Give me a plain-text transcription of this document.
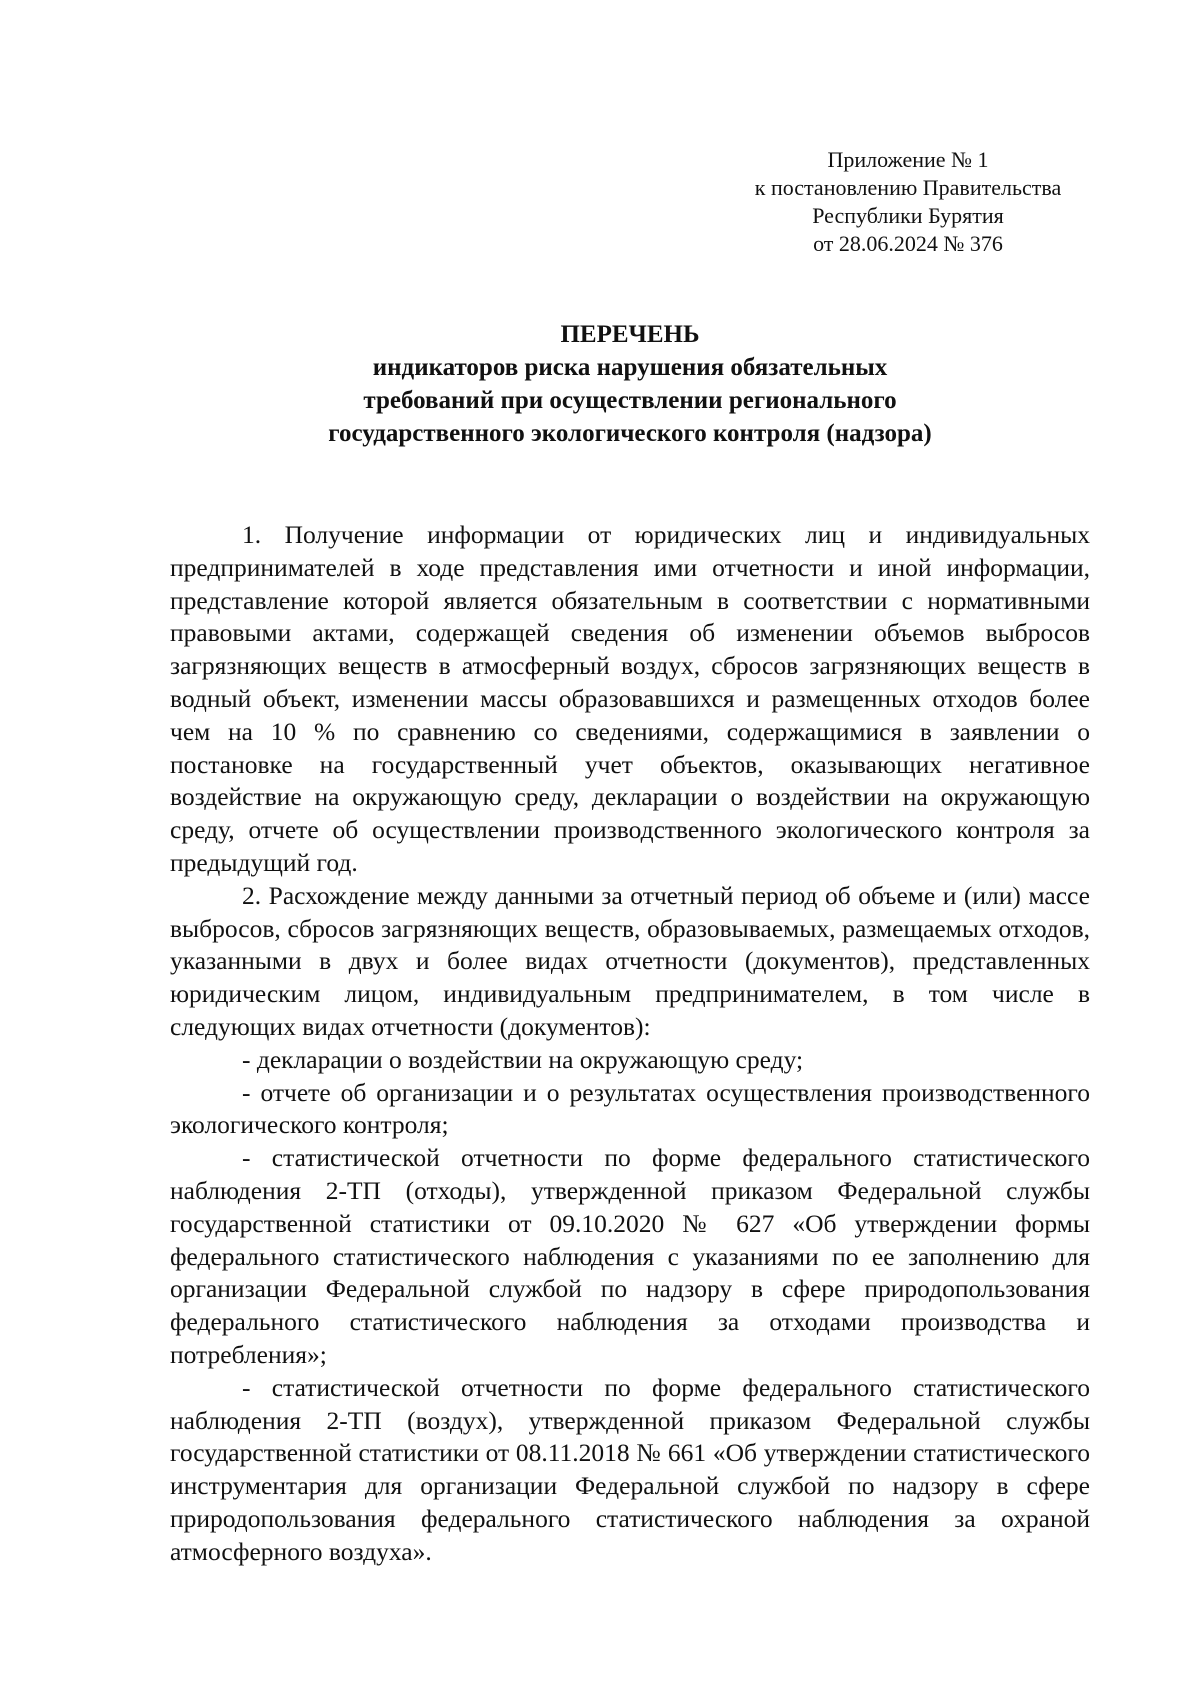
Приложение № 1
к постановлению Правительства
Республики Бурятия
от 28.06.2024 № 376
ПЕРЕЧЕНЬ
индикаторов риска нарушения обязательных
требований при осуществлении регионального
государственного экологического контроля (надзора)

1. Получение информации от юридических лиц и индивидуальных предпринимателей в ходе представления ими отчетности и иной информации, представление которой является обязательным в соответствии с нормативными правовыми актами, содержащей сведения об изменении объемов выбросов загрязняющих веществ в атмосферный воздух, сбросов загрязняющих веществ в водный объект, изменении массы образовавшихся и размещенных отходов более чем на 10 % по сравнению со сведениями, содержащимися в заявлении о постановке на государственный учет объектов, оказывающих негативное воздействие на окружающую среду, декларации о воздействии на окружающую среду, отчете об осуществлении производственного экологического контроля за предыдущий год.

2. Расхождение между данными за отчетный период об объеме и (или) массе выбросов, сбросов загрязняющих веществ, образовываемых, размещаемых отходов, указанными в двух и более видах отчетности (документов), представленных юридическим лицом, индивидуальным предпринимателем, в том числе в следующих видах отчетности (документов):

- декларации о воздействии на окружающую среду;

- отчете об организации и о результатах осуществления производственного экологического контроля;

- статистической отчетности по форме федерального статистического наблюдения 2-ТП (отходы), утвержденной приказом Федеральной службы государственной статистики от 09.10.2020 № 627 «Об утверждении формы федерального статистического наблюдения с указаниями по ее заполнению для организации Федеральной службой по надзору в сфере природопользования федерального статистического наблюдения за отходами производства и потребления»;

- статистической отчетности по форме федерального статистического наблюдения 2-ТП (воздух), утвержденной приказом Федеральной службы государственной статистики от 08.11.2018 № 661 «Об утверждении статистического инструментария для организации Федеральной службой по надзору в сфере природопользования федерального статистического наблюдения за охраной атмосферного воздуха».
